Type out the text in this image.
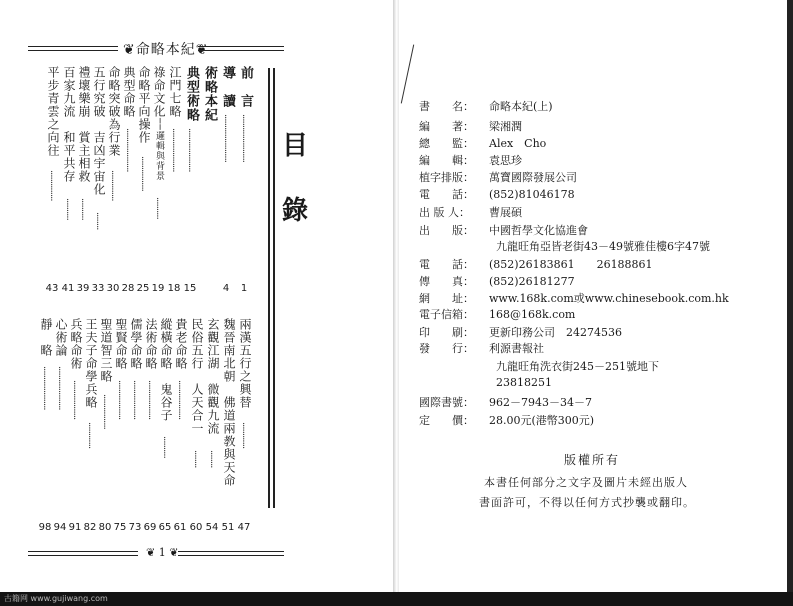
❦命略本紀❦
目
錄
前　言
······················
1
導　讀
······················
4
術略本紀
典型術略
····················
15
江門七略
····················
18
祿命文化──邏輯與背景
··········
19
命略平向操作
················
25
典型命略
····················
28
命略突破為行業
··············
30
五行究破　吉凶宇宙化
········
33
禮壞樂崩　賞主相救
··········
39
百家九流　和平共存
··········
41
平步青雲之向往
··············
43
兩漢五行之興替
············
47
魏晉南北朝　佛道兩教與天命
51
玄觀江湖　微觀九流
········
54
民俗五行　人天合一
········
60
貴老命略
··················
61
縱橫命略　鬼谷子
··········
65
法術命略
··················
69
儒學命略
··················
73
聖賢命略
··················
75
聖道智三略
················
80
王夫子命學兵略
············
82
兵略命術
··················
91
心術論
····················
94
靜　略
····················
98
❦ 1 ❦
書　　名： 命略本紀(上)
編　　著： 梁湘潤
總　　監： Alex　Cho
編　　輯： 袁思珍
植字排版： 萬寶國際發展公司
電　　話： (852)81046178
出 版 人： 曹展碩
出　　版： 中國哲學文化協進會
九龍旺角亞皆老街43－49號雅佳樓6字47號
電　　話： (852)26183861　　26188861
傳　　真： (852)26181277
網　　址： www.168k.com或www.chinesebook.com.hk
電子信箱： 168@168k.com
印　　刷： 更新印務公司　24274536
發　　行： 利源書報社
九龍旺角洗衣街245－251號地下
23818251
國際書號： 962－7943－34－7
定　　價： 28.00元(港幣300元)
版權所有
本書任何部分之文字及圖片未經出版人
書面許可，不得以任何方式抄襲或翻印。
古籍网 www.gujiwang.com
